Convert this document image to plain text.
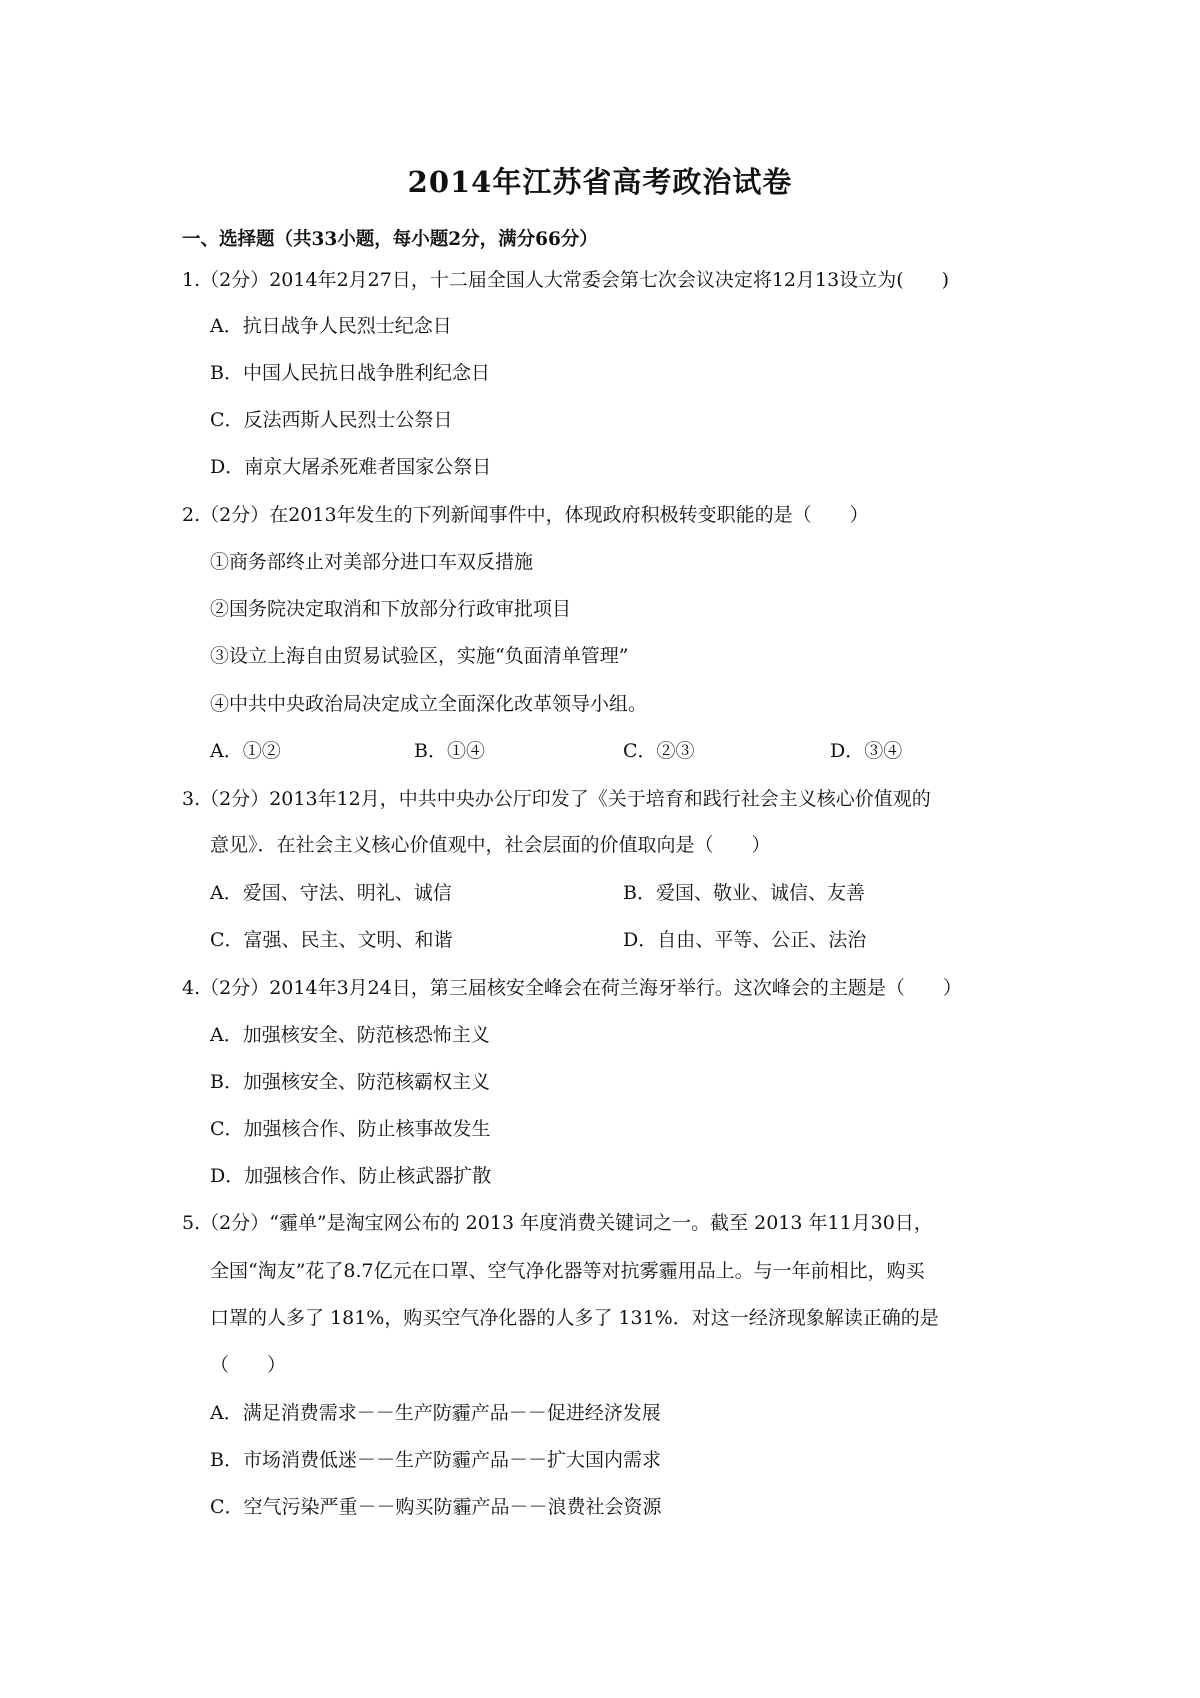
2014年江苏省高考政治试卷
一、选择题（共33小题，每小题2分，满分66分）
1.（2分）2014年2月27日，十二届全国人大常委会第七次会议决定将12月13设立为(　　)
A．抗日战争人民烈士纪念日
B．中国人民抗日战争胜利纪念日
C．反法西斯人民烈士公祭日
D．南京大屠杀死难者国家公祭日
2.（2分）在2013年发生的下列新闻事件中，体现政府积极转变职能的是（　　）
①商务部终止对美部分进口车双反措施
②国务院决定取消和下放部分行政审批项目
③设立上海自由贸易试验区，实施“负面清单管理”
④中共中央政治局决定成立全面深化改革领导小组。
A．①②	B．①④	C．②③	D．③④
3.（2分）2013年12月，中共中央办公厅印发了《关于培育和践行社会主义核心价值观的
意见》．在社会主义核心价值观中，社会层面的价值取向是（　　）
A．爱国、守法、明礼、诚信	B．爱国、敬业、诚信、友善
C．富强、民主、文明、和谐	D．自由、平等、公正、法治
4.（2分）2014年3月24日，第三届核安全峰会在荷兰海牙举行。这次峰会的主题是（　　）
A．加强核安全、防范核恐怖主义
B．加强核安全、防范核霸权主义
C．加强核合作、防止核事故发生
D．加强核合作、防止核武器扩散
5.（2分）“霾单”是淘宝网公布的 2013 年度消费关键词之一。截至 2013 年11月30日，
全国“淘友”花了8.7亿元在口罩、空气净化器等对抗雾霾用品上。与一年前相比，购买
口罩的人多了 181%，购买空气净化器的人多了 131%．对这一经济现象解读正确的是
（　　）
A．满足消费需求－－生产防霾产品－－促进经济发展
B．市场消费低迷－－生产防霾产品－－扩大国内需求
C．空气污染严重－－购买防霾产品－－浪费社会资源
